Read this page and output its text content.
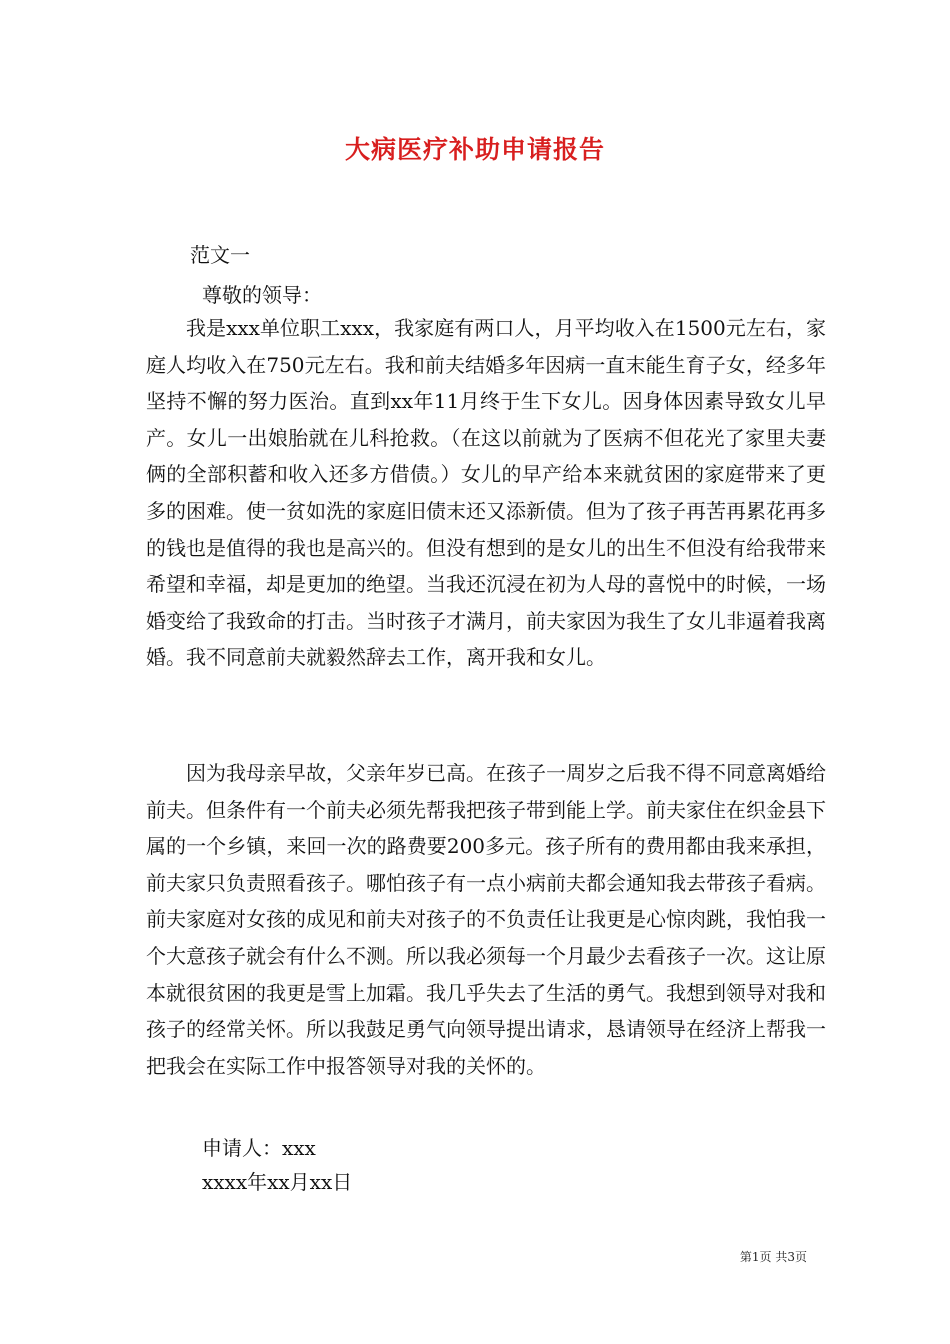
大病医疗补助申请报告

范文一

尊敬的领导：

我是xxx单位职工xxx，我家庭有两口人，月平均收入在1500元左右，家庭人均收入在750元左右。我和前夫结婚多年因病一直末能生育子女，经多年坚持不懈的努力医治。直到xx年11月终于生下女儿。因身体因素导致女儿早产。女儿一出娘胎就在儿科抢救。（在这以前就为了医病不但花光了家里夫妻俩的全部积蓄和收入还多方借债。）女儿的早产给本来就贫困的家庭带来了更多的困难。使一贫如洗的家庭旧债末还又添新债。但为了孩子再苦再累花再多的钱也是值得的我也是高兴的。但没有想到的是女儿的出生不但没有给我带来希望和幸福，却是更加的绝望。当我还沉浸在初为人母的喜悦中的时候，一场婚变给了我致命的打击。当时孩子才满月，前夫家因为我生了女儿非逼着我离婚。我不同意前夫就毅然辞去工作，离开我和女儿。

因为我母亲早故，父亲年岁已高。在孩子一周岁之后我不得不同意离婚给前夫。但条件有一个前夫必须先帮我把孩子带到能上学。前夫家住在织金县下属的一个乡镇，来回一次的路费要200多元。孩子所有的费用都由我来承担，前夫家只负责照看孩子。哪怕孩子有一点小病前夫都会通知我去带孩子看病。前夫家庭对女孩的成见和前夫对孩子的不负责任让我更是心惊肉跳，我怕我一个大意孩子就会有什么不测。所以我必须每一个月最少去看孩子一次。这让原本就很贫困的我更是雪上加霜。我几乎失去了生活的勇气。我想到领导对我和孩子的经常关怀。所以我鼓足勇气向领导提出请求，恳请领导在经济上帮我一把我会在实际工作中报答领导对我的关怀的。

申请人：xxx

xxxx年xx月xx日

第1页 共3页
